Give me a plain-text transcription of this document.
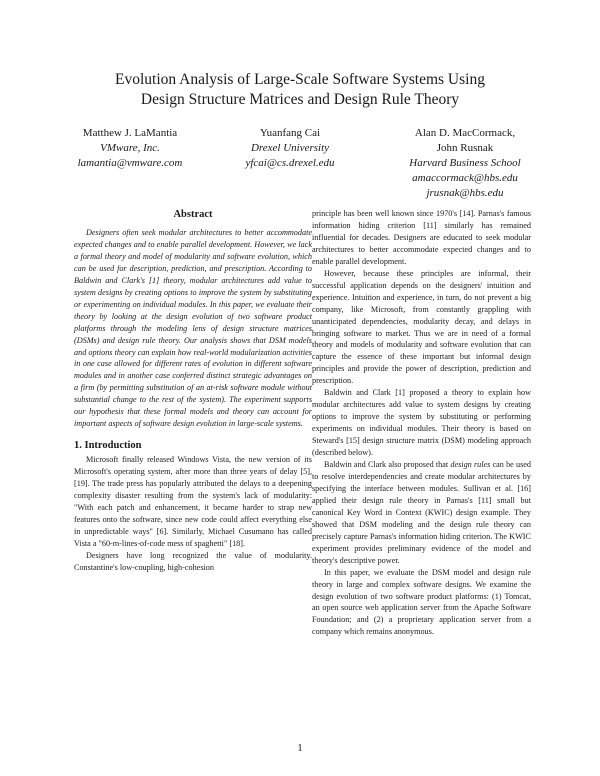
Evolution Analysis of Large-Scale Software Systems Using
Design Structure Matrices and Design Rule Theory
Matthew J. LaMantia
VMware, Inc.
lamantia@vmware.com
Yuanfang Cai
Drexel University
yfcai@cs.drexel.edu
Alan D. MacCormack,
John Rusnak
Harvard Business School
amaccormack@hbs.edu
jrusnak@hbs.edu
Abstract

Designers often seek modular architectures to better accommodate expected changes and to enable parallel development. However, we lack a formal theory and model of modularity and software evolution, which can be used for description, prediction, and prescription. According to Baldwin and Clark's [1] theory, modular architectures add value to system designs by creating options to improve the system by substituting or experimenting on individual modules. In this paper, we evaluate their theory by looking at the design evolution of two software product platforms through the modeling lens of design structure matrices (DSMs) and design rule theory. Our analysis shows that DSM models and options theory can explain how real-world modularization activities in one case allowed for different rates of evolution in different software modules and in another case conferred distinct strategic advantages on a firm (by permitting substitution of an at-risk software module without substantial change to the rest of the system). The experiment supports our hypothesis that these formal models and theory can account for important aspects of software design evolution in large-scale systems.

1. Introduction

Microsoft finally released Windows Vista, the new version of its Microsoft's operating system, after more than three years of delay [5], [19]. The trade press has popularly attributed the delays to a deepening complexity disaster resulting from the system's lack of modularity: "With each patch and enhancement, it became harder to strap new features onto the software, since new code could affect everything else in unpredictable ways" [6]. Similarly, Michael Cusumano has called Vista a "60-m-lines-of-code mess of spaghetti" [18].

Designers have long recognized the value of modularity. Constantine's low-coupling, high-cohesion

principle has been well known since 1970's [14]. Parnas's famous information hiding criterion [11] similarly has remained influential for decades. Designers are educated to seek modular architectures to better accommodate expected changes and to enable parallel development.

However, because these principles are informal, their successful application depends on the designers' intuition and experience. Intuition and experience, in turn, do not prevent a big company, like Microsoft, from constantly grappling with unanticipated dependencies, modularity decay, and delays in bringing software to market. Thus we are in need of a formal theory and models of modularity and software evolution that can capture the essence of these important but informal design principles and provide the power of description, prediction and prescription.

Baldwin and Clark [1] proposed a theory to explain how modular architectures add value to system designs by creating options to improve the system by substituting or performing experiments on individual modules. Their theory is based on Steward's [15] design structure matrix (DSM) modeling approach (described below).

Baldwin and Clark also proposed that design rules can be used to resolve interdependencies and create modular architectures by specifying the interface between modules. Sullivan et al. [16] applied their design rule theory in Parnas's [11] small but canonical Key Word in Context (KWIC) design example. They showed that DSM modeling and the design rule theory can precisely capture Parnas's information hiding criterion. The KWIC experiment provides preliminary evidence of the model and theory's descriptive power.

In this paper, we evaluate the DSM model and design rule theory in large and complex software designs. We examine the design evolution of two software product platforms: (1) Tomcat, an open source web application server from the Apache Software Foundation; and (2) a proprietary application server from a company which remains anonymous.

1
